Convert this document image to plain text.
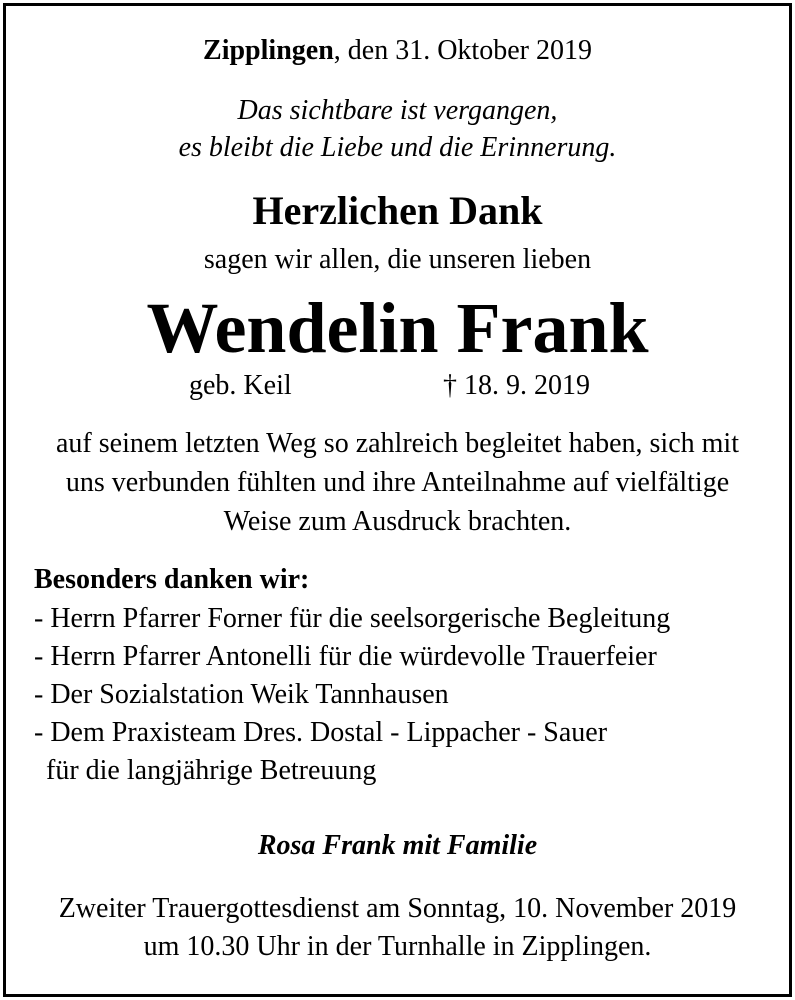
Zipplingen, den 31. Oktober 2019
Das sichtbare ist vergangen,
es bleibt die Liebe und die Erinnerung.
Herzlichen Dank
sagen wir allen, die unseren lieben
Wendelin Frank
geb. Keil	† 18. 9. 2019
auf seinem letzten Weg so zahlreich begleitet haben, sich mit
uns verbunden fühlten und ihre Anteilnahme auf vielfältige
Weise zum Ausdruck brachten.
Besonders danken wir:
- Herrn Pfarrer Forner für die seelsorgerische Begleitung
- Herrn Pfarrer Antonelli für die würdevolle Trauerfeier
- Der Sozialstation Weik Tannhausen
- Dem Praxisteam Dres. Dostal - Lippacher - Sauer
für die langjährige Betreuung
Rosa Frank mit Familie
Zweiter Trauergottesdienst am Sonntag, 10. November 2019
um 10.30 Uhr in der Turnhalle in Zipplingen.
